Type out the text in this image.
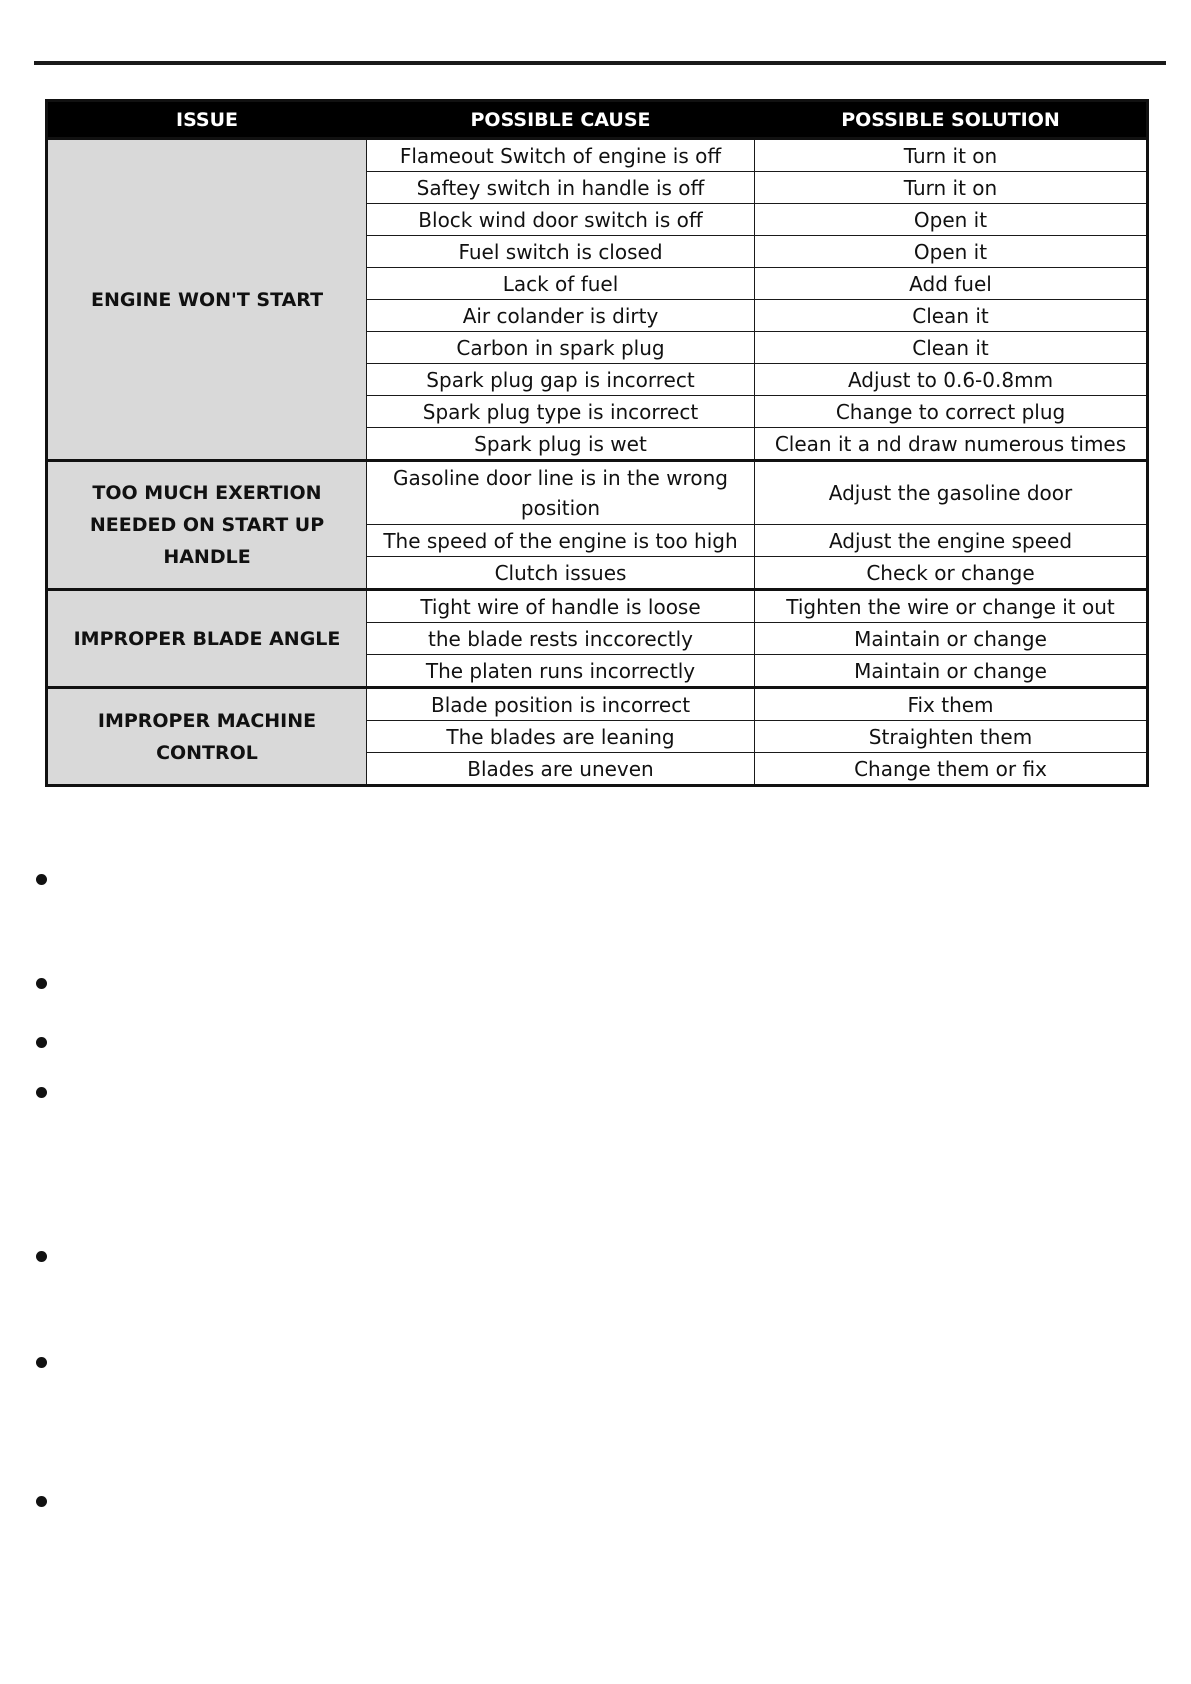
ISSUE	POSSIBLE CAUSE	POSSIBLE SOLUTION
ENGINE WON'T START	Flameout Switch of engine is off	Turn it on
	Saftey switch in handle is off	Turn it on
	Block wind door switch is off	Open it
	Fuel switch is closed	Open it
	Lack of fuel	Add fuel
	Air colander is dirty	Clean it
	Carbon in spark plug	Clean it
	Spark plug gap is incorrect	Adjust to 0.6-0.8mm
	Spark plug type is incorrect	Change to correct plug
	Spark plug is wet	Clean it a nd draw numerous times
TOO MUCH EXERTION NEEDED ON START UP HANDLE	Gasoline door line is in the wrong position	Adjust the gasoline door
	The speed of the engine is too high	Adjust the engine speed
	Clutch issues	Check or change
IMPROPER BLADE ANGLE	Tight wire of handle is loose	Tighten the wire or change it out
	the blade rests inccorectly	Maintain or change
	The platen runs incorrectly	Maintain or change
IMPROPER MACHINE CONTROL	Blade position is incorrect	Fix them
	The blades are leaning	Straighten them
	Blades are uneven	Change them or fix
